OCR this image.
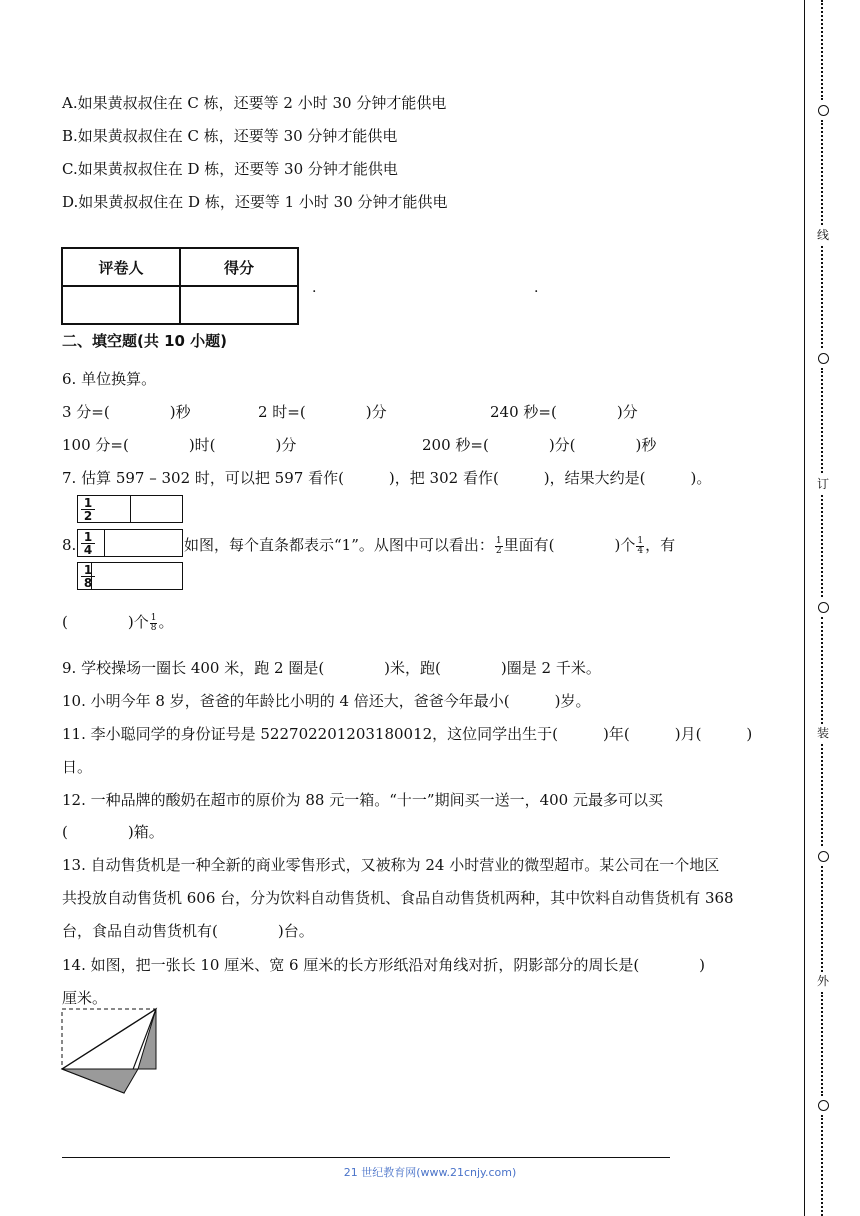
A.如果黄叔叔住在 C 栋，还要等 2 小时 30 分钟才能供电
B.如果黄叔叔住在 C 栋，还要等 30 分钟才能供电
C.如果黄叔叔住在 D 栋，还要等 30 分钟才能供电
D.如果黄叔叔住在 D 栋，还要等 1 小时 30 分钟才能供电
评卷人	得分

.	.
二、填空题(共 10 小题)
6. 单位换算。
3 分=(　　　　)秒	2 时=(　　　　)分	240 秒=(　　　　)分
100 分=(　　　　)时(　　　　)分	200 秒=(　　　　)分(　　　　)秒
7. 估算 597 – 302 时，可以把 597 看作(　　　)，把 302 看作(　　　)，结果大约是(　　　)。
1
2
1
4
1
8
8.	如图，每个直条都表示“1”。从图中可以看出： $\frac{1}{2}$ 里面有(　　　　)个 $\frac{1}{4}$ ，有
(　　　　)个 $\frac{1}{8}$ 。
9. 学校操场一圈长 400 米，跑 2 圈是(　　　　)米，跑(　　　　)圈是 2 千米。
10. 小明今年 8 岁，爸爸的年龄比小明的 4 倍还大，爸爸今年最小(　　　)岁。
11. 李小聪同学的身份证号是 522702201203180012，这位同学出生于(　　　)年(　　　)月(　　　)
日。
12. 一种品牌的酸奶在超市的原价为 88 元一箱。“十一”期间买一送一，400 元最多可以买
(　　　　)箱。
13. 自动售货机是一种全新的商业零售形式，又被称为 24 小时营业的微型超市。某公司在一个地区
共投放自动售货机 606 台，分为饮料自动售货机、食品自动售货机两种，其中饮料自动售货机有 368
台，食品自动售货机有(　　　　)台。
14. 如图，把一张长 10 厘米、宽 6 厘米的长方形纸沿对角线对折，阴影部分的周长是(　　　　)
厘米。
21 世纪教育网(www.21cnjy.com)
线
订
装
外
